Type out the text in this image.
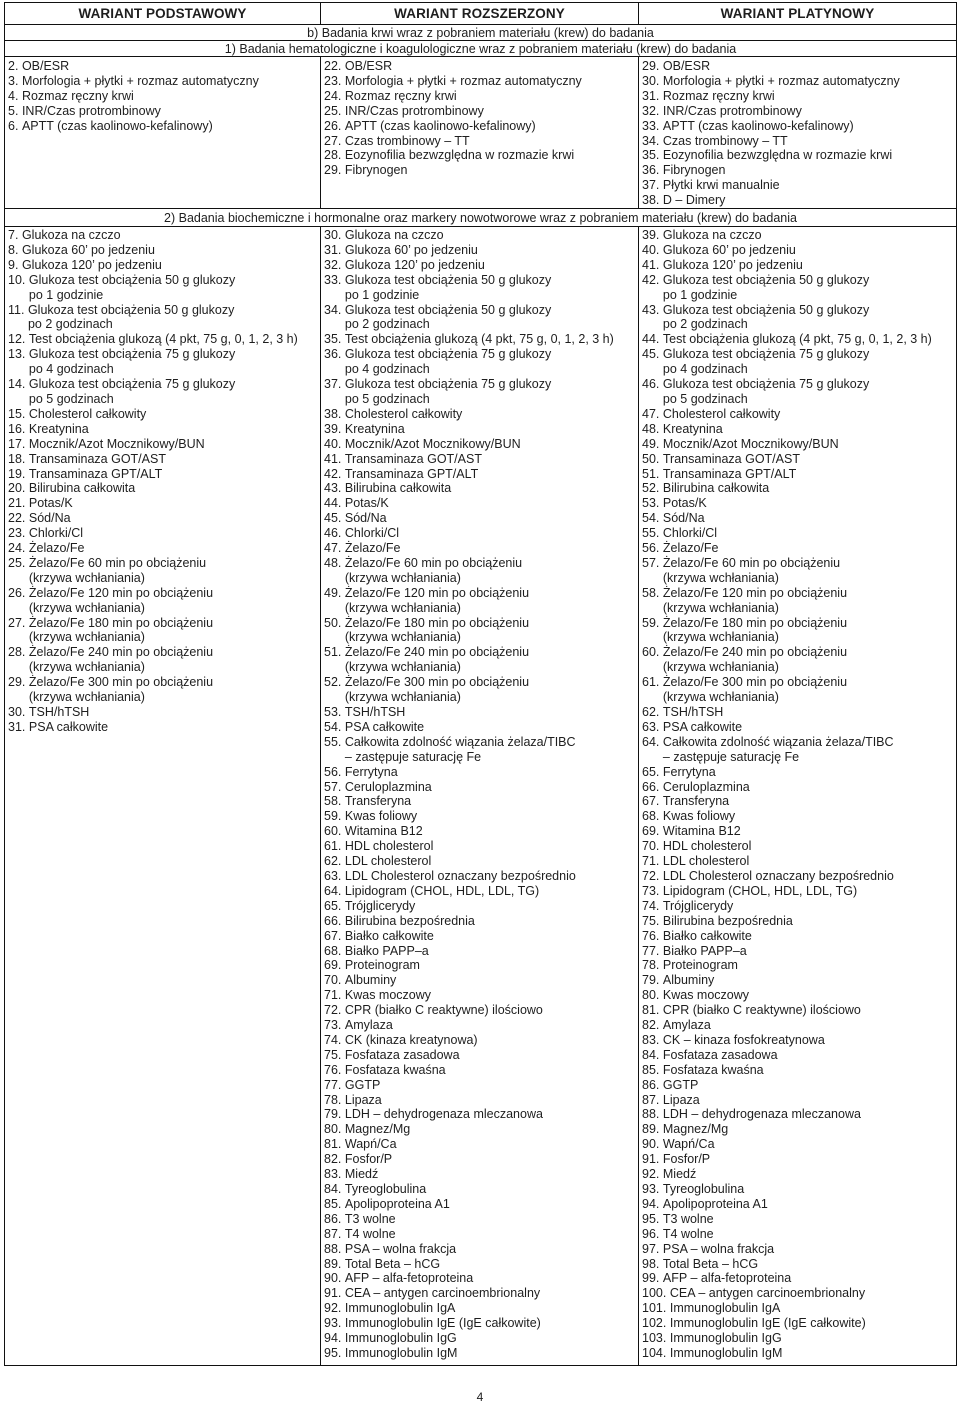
WARIANT PODSTAWOWY	WARIANT ROZSZERZONY	WARIANT PLATYNOWY
b) Badania krwi wraz z pobraniem materiału (krew) do badania
1) Badania hematologiczne i koagulologiczne wraz z pobraniem materiału (krew) do badania
2. OB/ESR
3. Morfologia + płytki + rozmaz automatyczny
4. Rozmaz ręczny krwi
5. INR/Czas protrombinowy
6. APTT (czas kaolinowo-kefalinowy)
22. OB/ESR
23. Morfologia + płytki + rozmaz automatyczny
24. Rozmaz ręczny krwi
25. INR/Czas protrombinowy
26. APTT (czas kaolinowo-kefalinowy)
27. Czas trombinowy – TT
28. Eozynofilia bezwzględna w rozmazie krwi
29. Fibrynogen
29. OB/ESR
30. Morfologia + płytki + rozmaz automatyczny
31. Rozmaz ręczny krwi
32. INR/Czas protrombinowy
33. APTT (czas kaolinowo-kefalinowy)
34. Czas trombinowy – TT
35. Eozynofilia bezwzględna w rozmazie krwi
36. Fibrynogen
37. Płytki krwi manualnie
38. D – Dimery
2) Badania biochemiczne i hormonalne oraz markery nowotworowe wraz z pobraniem materiału (krew) do badania
7. Glukoza na czczo
8. Glukoza 60’ po jedzeniu
9. Glukoza 120’ po jedzeniu
10. Glukoza test obciążenia 50 g glukozy
po 1 godzinie
11. Glukoza test obciążenia 50 g glukozy
po 2 godzinach
12. Test obciążenia glukozą (4 pkt, 75 g, 0, 1, 2, 3 h)
13. Glukoza test obciążenia 75 g glukozy
po 4 godzinach
14. Glukoza test obciążenia 75 g glukozy
po 5 godzinach
15. Cholesterol całkowity
16. Kreatynina
17. Mocznik/Azot Mocznikowy/BUN
18. Transaminaza GOT/AST
19. Transaminaza GPT/ALT
20. Bilirubina całkowita
21. Potas/K
22. Sód/Na
23. Chlorki/Cl
24. Żelazo/Fe
25. Żelazo/Fe 60 min po obciążeniu
(krzywa wchłaniania)
26. Żelazo/Fe 120 min po obciążeniu
(krzywa wchłaniania)
27. Żelazo/Fe 180 min po obciążeniu
(krzywa wchłaniania)
28. Żelazo/Fe 240 min po obciążeniu
(krzywa wchłaniania)
29. Żelazo/Fe 300 min po obciążeniu
(krzywa wchłaniania)
30. TSH/hTSH
31. PSA całkowite
30. Glukoza na czczo
31. Glukoza 60’ po jedzeniu
32. Glukoza 120’ po jedzeniu
33. Glukoza test obciążenia 50 g glukozy
po 1 godzinie
34. Glukoza test obciążenia 50 g glukozy
po 2 godzinach
35. Test obciążenia glukozą (4 pkt, 75 g, 0, 1, 2, 3 h)
36. Glukoza test obciążenia 75 g glukozy
po 4 godzinach
37. Glukoza test obciążenia 75 g glukozy
po 5 godzinach
38. Cholesterol całkowity
39. Kreatynina
40. Mocznik/Azot Mocznikowy/BUN
41. Transaminaza GOT/AST
42. Transaminaza GPT/ALT
43. Bilirubina całkowita
44. Potas/K
45. Sód/Na
46. Chlorki/Cl
47. Żelazo/Fe
48. Żelazo/Fe 60 min po obciążeniu
(krzywa wchłaniania)
49. Żelazo/Fe 120 min po obciążeniu
(krzywa wchłaniania)
50. Żelazo/Fe 180 min po obciążeniu
(krzywa wchłaniania)
51. Żelazo/Fe 240 min po obciążeniu
(krzywa wchłaniania)
52. Żelazo/Fe 300 min po obciążeniu
(krzywa wchłaniania)
53. TSH/hTSH
54. PSA całkowite
55. Całkowita zdolność wiązania żelaza/TIBC
– zastępuje saturację Fe
56. Ferrytyna
57. Ceruloplazmina
58. Transferyna
59. Kwas foliowy
60. Witamina B12
61. HDL cholesterol
62. LDL cholesterol
63. LDL Cholesterol oznaczany bezpośrednio
64. Lipidogram (CHOL, HDL, LDL, TG)
65. Trójglicerydy
66. Bilirubina bezpośrednia
67. Białko całkowite
68. Białko PAPP–a
69. Proteinogram
70. Albuminy
71. Kwas moczowy
72. CPR (białko C reaktywne) ilościowo
73. Amylaza
74. CK (kinaza kreatynowa)
75. Fosfataza zasadowa
76. Fosfataza kwaśna
77. GGTP
78. Lipaza
79. LDH – dehydrogenaza mleczanowa
80. Magnez/Mg
81. Wapń/Ca
82. Fosfor/P
83. Miedź
84. Tyreoglobulina
85. Apolipoproteina A1
86. T3 wolne
87. T4 wolne
88. PSA – wolna frakcja
89. Total Beta – hCG
90. AFP – alfa-fetoproteina
91. CEA – antygen carcinoembrionalny
92. Immunoglobulin IgA
93. Immunoglobulin IgE (IgE całkowite)
94. Immunoglobulin IgG
95. Immunoglobulin IgM
39. Glukoza na czczo
40. Glukoza 60’ po jedzeniu
41. Glukoza 120’ po jedzeniu
42. Glukoza test obciążenia 50 g glukozy
po 1 godzinie
43. Glukoza test obciążenia 50 g glukozy
po 2 godzinach
44. Test obciążenia glukozą (4 pkt, 75 g, 0, 1, 2, 3 h)
45. Glukoza test obciążenia 75 g glukozy
po 4 godzinach
46. Glukoza test obciążenia 75 g glukozy
po 5 godzinach
47. Cholesterol całkowity
48. Kreatynina
49. Mocznik/Azot Mocznikowy/BUN
50. Transaminaza GOT/AST
51. Transaminaza GPT/ALT
52. Bilirubina całkowita
53. Potas/K
54. Sód/Na
55. Chlorki/Cl
56. Żelazo/Fe
57. Żelazo/Fe 60 min po obciążeniu
(krzywa wchłaniania)
58. Żelazo/Fe 120 min po obciążeniu
(krzywa wchłaniania)
59. Żelazo/Fe 180 min po obciążeniu
(krzywa wchłaniania)
60. Żelazo/Fe 240 min po obciążeniu
(krzywa wchłaniania)
61. Żelazo/Fe 300 min po obciążeniu
(krzywa wchłaniania)
62. TSH/hTSH
63. PSA całkowite
64. Całkowita zdolność wiązania żelaza/TIBC
– zastępuje saturację Fe
65. Ferrytyna
66. Ceruloplazmina
67. Transferyna
68. Kwas foliowy
69. Witamina B12
70. HDL cholesterol
71. LDL cholesterol
72. LDL Cholesterol oznaczany bezpośrednio
73. Lipidogram (CHOL, HDL, LDL, TG)
74. Trójglicerydy
75. Bilirubina bezpośrednia
76. Białko całkowite
77. Białko PAPP–a
78. Proteinogram
79. Albuminy
80. Kwas moczowy
81. CPR (białko C reaktywne) ilościowo
82. Amylaza
83. CK – kinaza fosfokreatynowa
84. Fosfataza zasadowa
85. Fosfataza kwaśna
86. GGTP
87. Lipaza
88. LDH – dehydrogenaza mleczanowa
89. Magnez/Mg
90. Wapń/Ca
91. Fosfor/P
92. Miedź
93. Tyreoglobulina
94. Apolipoproteina A1
95. T3 wolne
96. T4 wolne
97. PSA – wolna frakcja
98. Total Beta – hCG
99. AFP – alfa-fetoproteina
100. CEA – antygen carcinoembrionalny
101. Immunoglobulin IgA
102. Immunoglobulin IgE (IgE całkowite)
103. Immunoglobulin IgG
104. Immunoglobulin IgM
4
